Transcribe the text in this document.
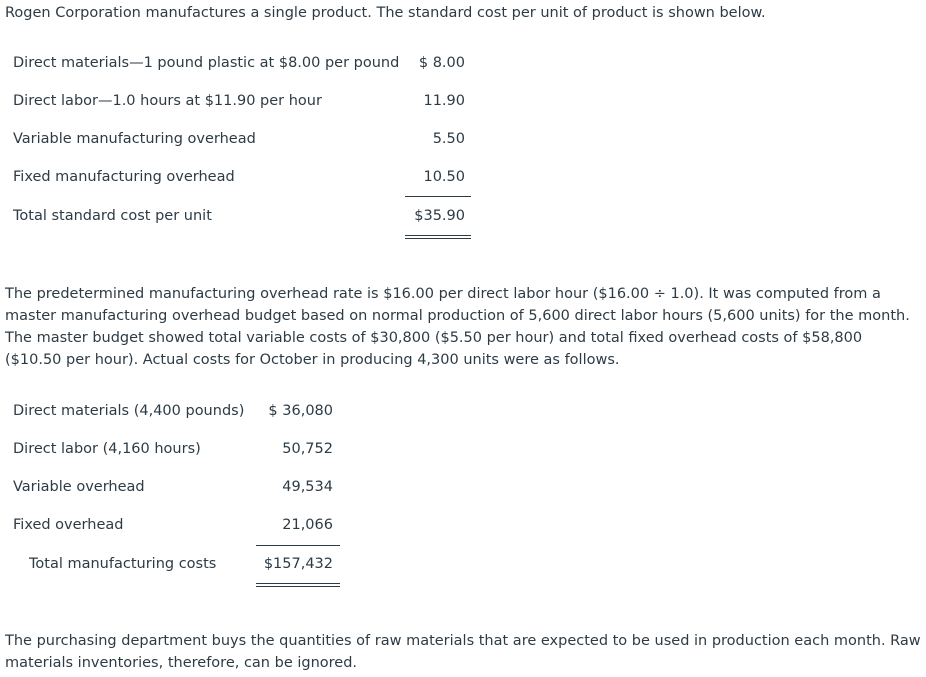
Rogen Corporation manufactures a single product. The standard cost per unit of product is shown below.
Direct materials—1 pound plastic at $8.00 per pound	$ 8.00
Direct labor—1.0 hours at $11.90 per hour	11.90
Variable manufacturing overhead	5.50
Fixed manufacturing overhead	10.50
Total standard cost per unit	$35.90
The predetermined manufacturing overhead rate is $16.00 per direct labor hour ($16.00 ÷ 1.0). It was computed from a master manufacturing overhead budget based on normal production of 5,600 direct labor hours (5,600 units) for the month. The master budget showed total variable costs of $30,800 ($5.50 per hour) and total fixed overhead costs of $58,800 ($10.50 per hour). Actual costs for October in producing 4,300 units were as follows.
Direct materials (4,400 pounds)	$ 36,080
Direct labor (4,160 hours)	50,752
Variable overhead	49,534
Fixed overhead	21,066
Total manufacturing costs	$157,432
The purchasing department buys the quantities of raw materials that are expected to be used in production each month. Raw materials inventories, therefore, can be ignored.
